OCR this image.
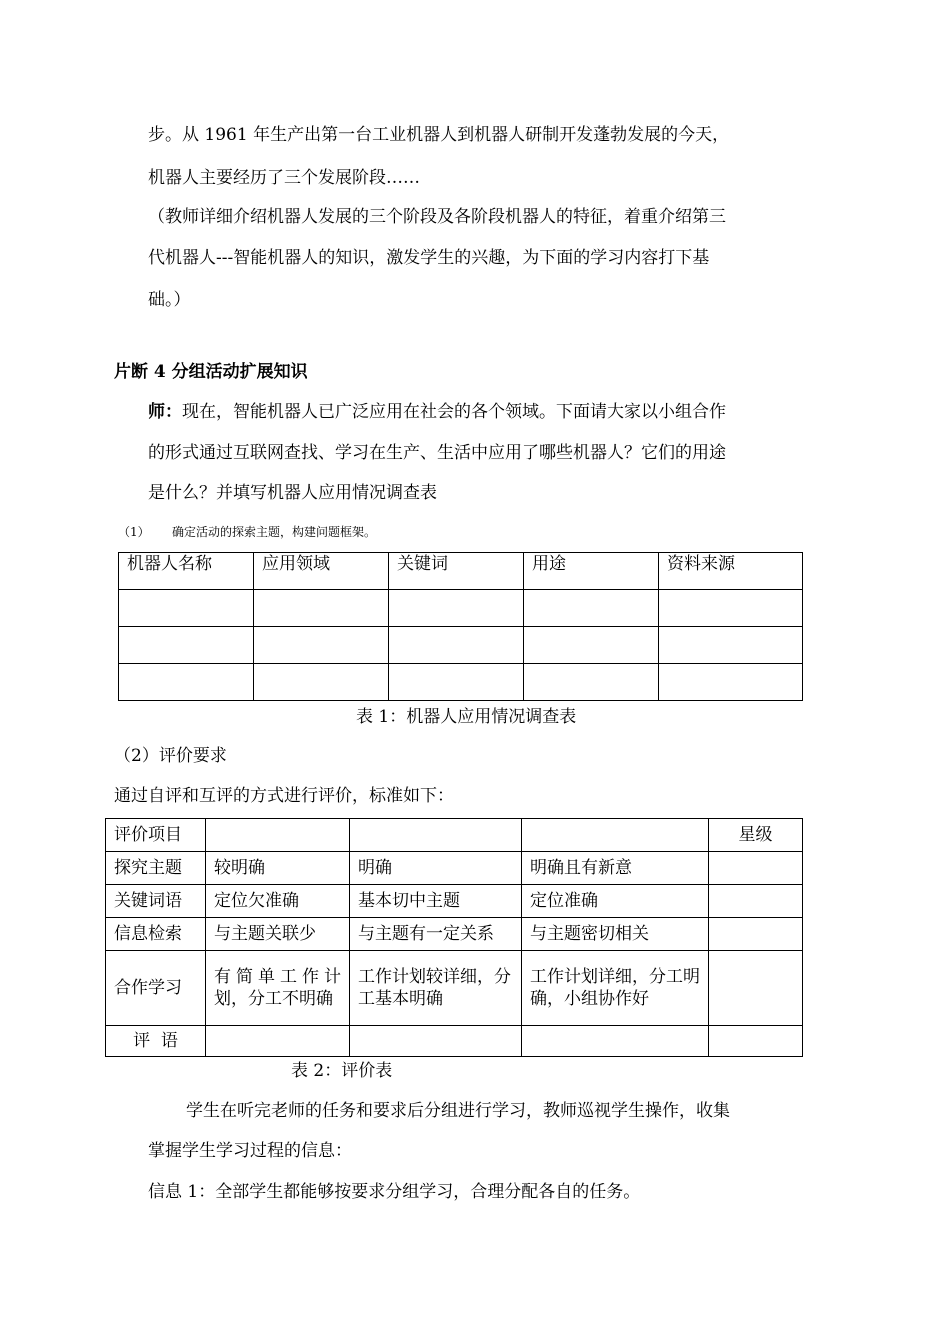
步。从 1961 年生产出第一台工业机器人到机器人研制开发蓬勃发展的今天，
机器人主要经历了三个发展阶段……
（教师详细介绍机器人发展的三个阶段及各阶段机器人的特征，着重介绍第三
代机器人---智能机器人的知识，激发学生的兴趣，为下面的学习内容打下基
础。）
片断 4 分组活动扩展知识
师：现在，智能机器人已广泛应用在社会的各个领域。下面请大家以小组合作
的形式通过互联网查找、学习在生产、生活中应用了哪些机器人？它们的用途
是什么？并填写机器人应用情况调查表
（1） 确定活动的探索主题，构建问题框架。
机器人名称	应用领域	关键词	用途	资料来源

表 1：机器人应用情况调查表
（2）评价要求
通过自评和互评的方式进行评价，标准如下：
评价项目				星级
探究主题	较明确	明确	明确且有新意	
关键词语	定位欠准确	基本切中主题	定位准确	
信息检索	与主题关联少	与主题有一定关系	与主题密切相关	
合作学习	有简单工作计划，分工不明确	工作计划较详细，分工基本明确	工作计划详细，分工明确，小组协作好	
评  语				
表 2：评价表
学生在听完老师的任务和要求后分组进行学习，教师巡视学生操作，收集
掌握学生学习过程的信息：
信息 1：全部学生都能够按要求分组学习，合理分配各自的任务。
